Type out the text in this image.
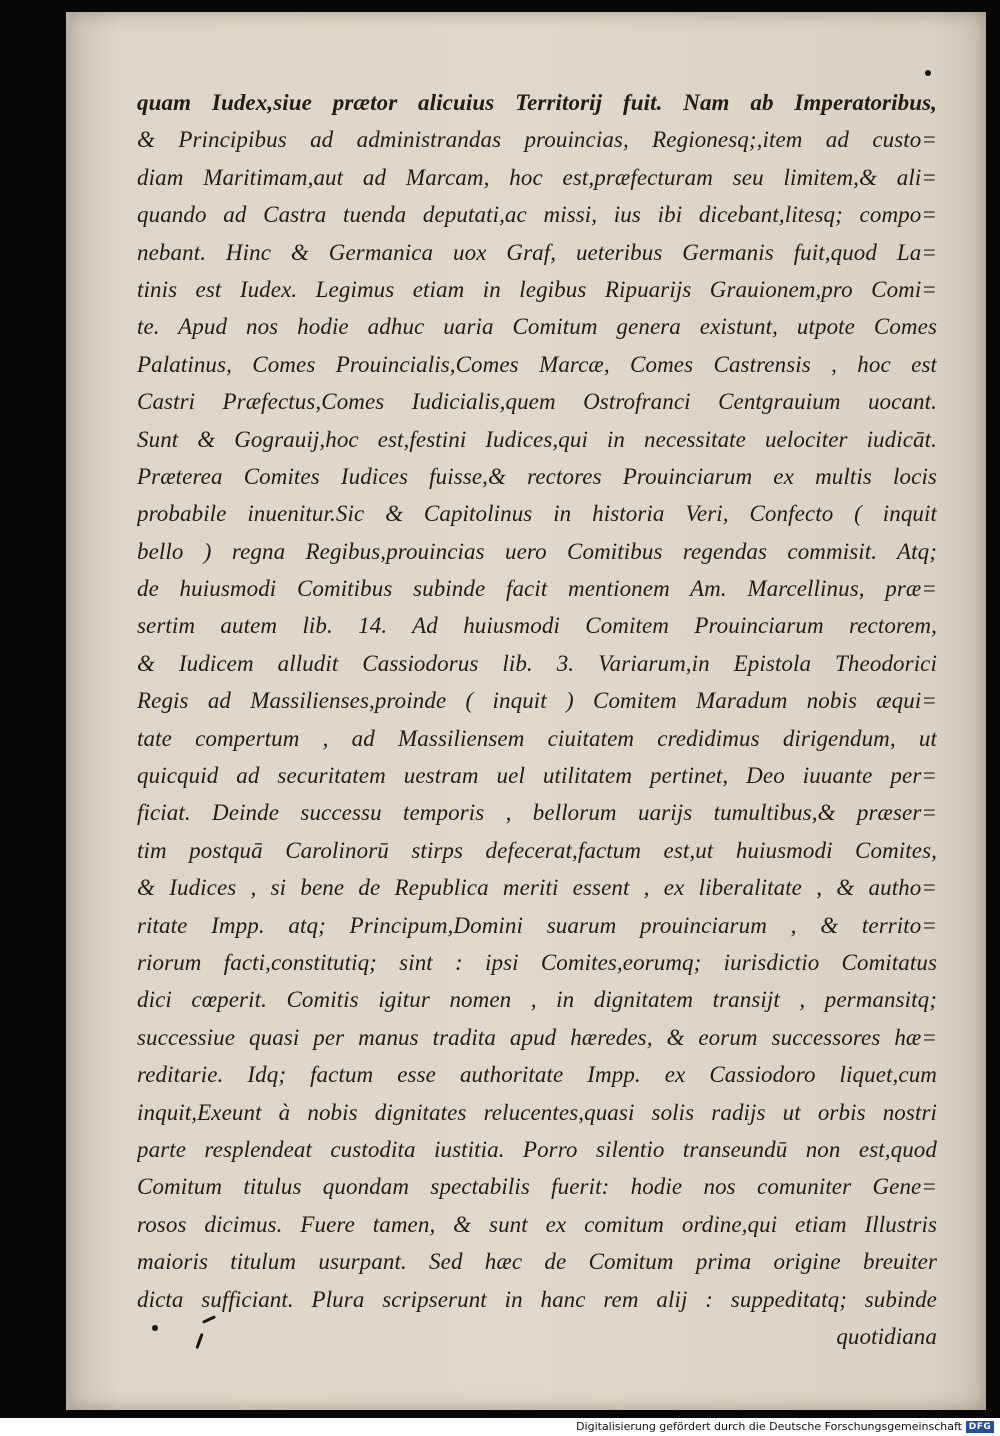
quam Iudex,siue prætor alicuius Territorij fuit. Nam ab Imperatoribus,
& Principibus ad administrandas prouincias, Regionesq;,item ad custo=
diam Maritimam,aut ad Marcam, hoc est,præfecturam seu limitem,& ali=
quando ad Castra tuenda deputati,ac missi, ius ibi dicebant,litesq; compo=
nebant. Hinc & Germanica uox Graf, ueteribus Germanis fuit,quod La=
tinis est Iudex. Legimus etiam in legibus Ripuarijs Grauionem,pro Comi=
te. Apud nos hodie adhuc uaria Comitum genera existunt, utpote Comes
Palatinus, Comes Prouincialis,Comes Marcæ, Comes Castrensis , hoc est
Castri Præfectus,Comes Iudicialis,quem Ostrofranci Centgrauium uocant.
Sunt & Gograuij,hoc est,festini Iudices,qui in necessitate uelociter iudicāt.
Præterea Comites Iudices fuisse,& rectores Prouinciarum ex multis locis
probabile inuenitur.Sic & Capitolinus in historia Veri, Confecto ( inquit
bello ) regna Regibus,prouincias uero Comitibus regendas commisit. Atq;
de huiusmodi Comitibus subinde facit mentionem Am. Marcellinus, præ=
sertim autem lib. 14. Ad huiusmodi Comitem Prouinciarum rectorem,
& Iudicem alludit Cassiodorus lib. 3. Variarum,in Epistola Theodorici
Regis ad Massilienses,proinde ( inquit ) Comitem Maradum nobis æqui=
tate compertum , ad Massiliensem ciuitatem credidimus dirigendum, ut
quicquid ad securitatem uestram uel utilitatem pertinet, Deo iuuante per=
ficiat. Deinde successu temporis , bellorum uarijs tumultibus,& præser=
tim postquā Carolinorū stirps defecerat,factum est,ut huiusmodi Comites,
& Iudices , si bene de Republica meriti essent , ex liberalitate , & autho=
ritate Impp. atq; Principum,Domini suarum prouinciarum , & territo=
riorum facti,constitutiq; sint : ipsi Comites,eorumq; iurisdictio Comitatus
dici cœperit. Comitis igitur nomen , in dignitatem transijt , permansitq;
successiue quasi per manus tradita apud hæredes, & eorum successores hæ=
reditarie. Idq; factum esse authoritate Impp. ex Cassiodoro liquet,cum
inquit,Exeunt à nobis dignitates relucentes,quasi solis radijs ut orbis nostri
parte resplendeat custodita iustitia. Porro silentio transeundū non est,quod
Comitum titulus quondam spectabilis fuerit: hodie nos comuniter Gene=
rosos dicimus. Fuere tamen, & sunt ex comitum ordine,qui etiam Illustris
maioris titulum usurpant. Sed hæc de Comitum prima origine breuiter
dicta sufficiant. Plura scripserunt in hanc rem alij : suppeditatq; subinde
quotidiana
Digitalisierung gefördert durch die Deutsche Forschungsgemeinschaft DFG
